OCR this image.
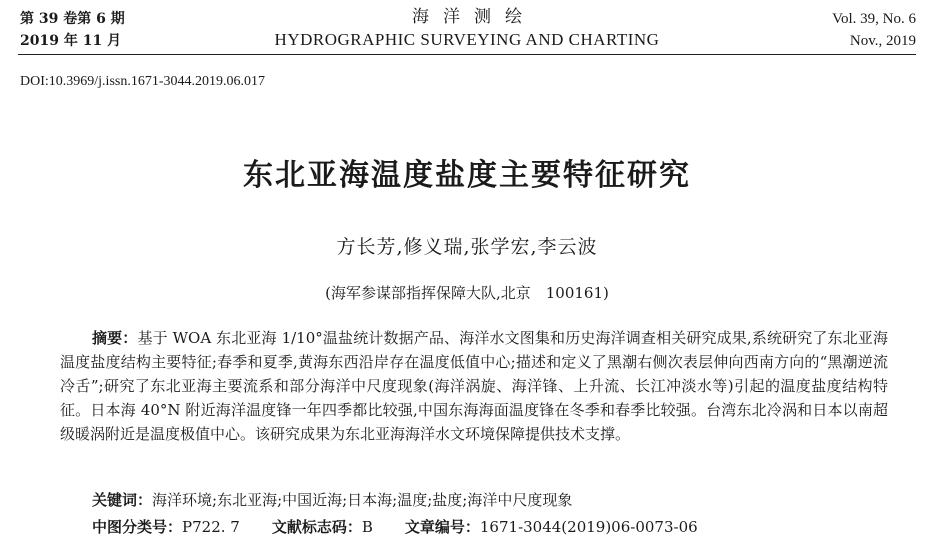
第 39 卷第 6 期
2019 年 11 月
海洋测绘
HYDROGRAPHIC SURVEYING AND CHARTING
Vol. 39, No. 6
Nov., 2019
DOI:10.3969/j.issn.1671-3044.2019.06.017
东北亚海温度盐度主要特征研究
方长芳,修义瑞,张学宏,李云波
(海军参谋部指挥保障大队,北京　100161)

摘要：基于 WOA 东北亚海 1/10°温盐统计数据产品、海洋水文图集和历史海洋调查相关研究成果,系统研究了东北亚海温度盐度结构主要特征;春季和夏季,黄海东西沿岸存在温度低值中心;描述和定义了黑潮右侧次表层伸向西南方向的“黑潮逆流冷舌”;研究了东北亚海主要流系和部分海洋中尺度现象(海洋涡旋、海洋锋、上升流、长江冲淡水等)引起的温度盐度结构特征。日本海 40°N 附近海洋温度锋一年四季都比较强,中国东海海面温度锋在冬季和春季比较强。台湾东北冷涡和日本以南超级暖涡附近是温度极值中心。该研究成果为东北亚海海洋水文环境保障提供技术支撑。

关键词：海洋环境;东北亚海;中国近海;日本海;温度;盐度;海洋中尺度现象
中图分类号：P722. 7 文献标志码：B 文章编号：1671-3044(2019)06-0073-06
